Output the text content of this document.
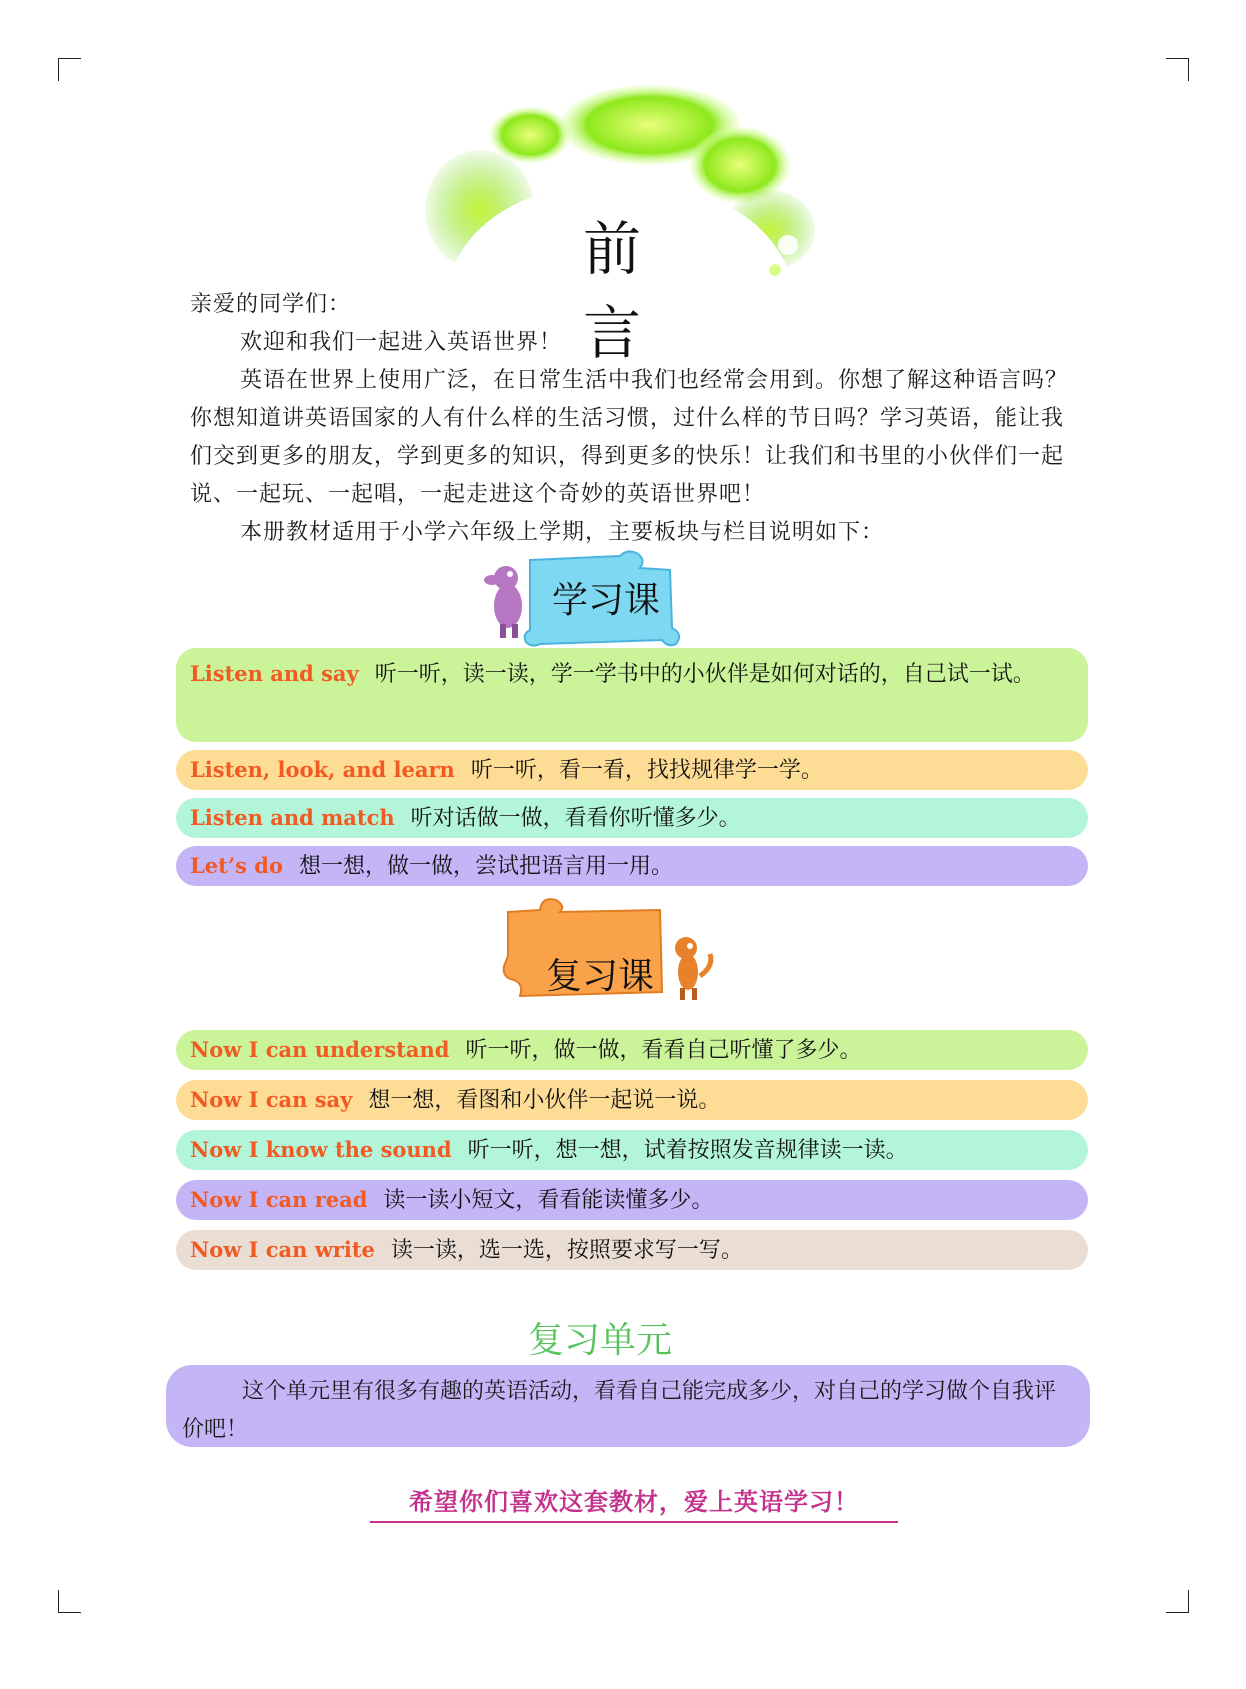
前 言

亲爱的同学们：

欢迎和我们一起进入英语世界！

英语在世界上使用广泛，在日常生活中我们也经常会用到。你想了解这种语言吗？你想知道讲英语国家的人有什么样的生活习惯，过什么样的节日吗？学习英语，能让我们交到更多的朋友，学到更多的知识，得到更多的快乐！让我们和书里的小伙伴们一起说、一起玩、一起唱，一起走进这个奇妙的英语世界吧！

本册教材适用于小学六年级上学期，主要板块与栏目说明如下：

学习课
Listen and say 听一听，读一读，学一学书中的小伙伴是如何对话的，自己试一试。
Listen, look, and learn 听一听，看一看，找找规律学一学。
Listen and match 听对话做一做，看看你听懂多少。
Let’s do 想一想，做一做，尝试把语言用一用。
复习课
Now I can understand 听一听，做一做，看看自己听懂了多少。
Now I can say 想一想，看图和小伙伴一起说一说。
Now I know the sound 听一听，想一想，试着按照发音规律读一读。
Now I can read 读一读小短文，看看能读懂多少。
Now I can write 读一读，选一选，按照要求写一写。
复习单元
这个单元里有很多有趣的英语活动，看看自己能完成多少，对自己的学习做个自我评价吧！
希望你们喜欢这套教材，爱上英语学习！
